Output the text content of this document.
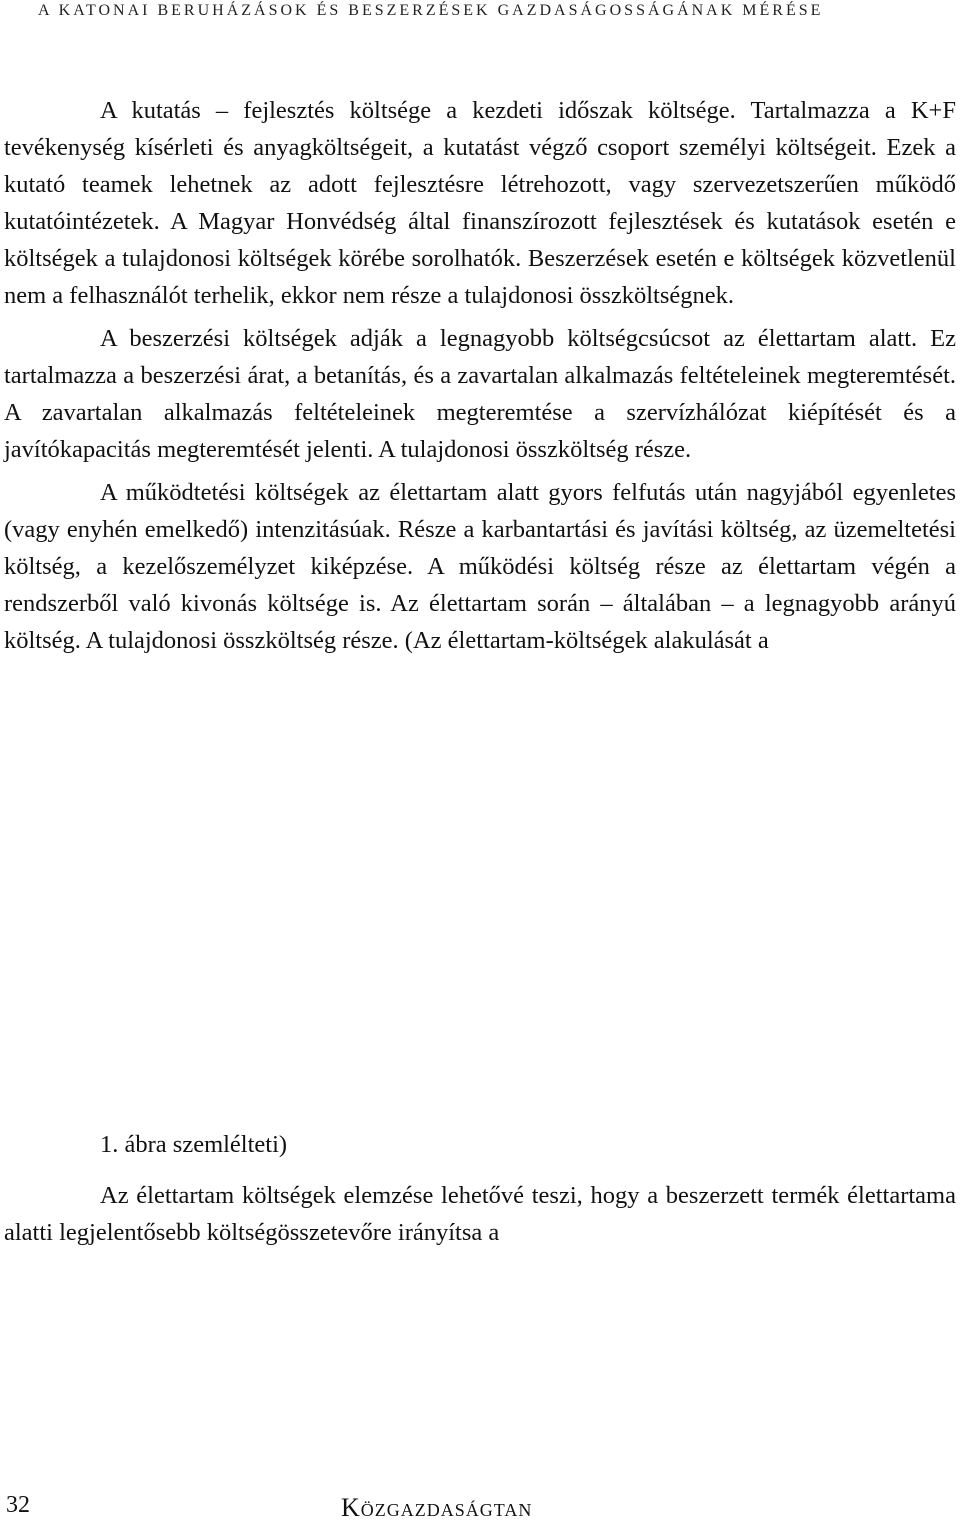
A KATONAI BERUHÁZÁSOK ÉS BESZERZÉSEK GAZDASÁGOSSÁGÁNAK MÉRÉSE

A kutatás – fejlesztés költsége a kezdeti időszak költsége. Tartalmazza a K+F tevékenység kísérleti és anyagköltségeit, a kutatást végző csoport személyi költségeit. Ezek a kutató teamek lehetnek az adott fejlesztésre létrehozott, vagy szervezetszerűen működő kutatóintézetek. A Magyar Honvédség által finanszírozott fejlesztések és kutatások esetén e költségek a tulajdonosi költségek körébe sorolhatók. Beszerzések esetén e költségek közvetlenül nem a felhasználót terhelik, ekkor nem része a tulajdonosi összköltségnek.

A beszerzési költségek adják a legnagyobb költségcsúcsot az élettartam alatt. Ez tartalmazza a beszerzési árat, a betanítás, és a zavartalan alkalmazás feltételeinek megteremtését. A zavartalan alkalmazás feltételeinek megteremtése a szervízhálózat kiépítését és a javítókapacitás megteremtését jelenti. A tulajdonosi összköltség része.

A működtetési költségek az élettartam alatt gyors felfutás után nagyjából egyenletes (vagy enyhén emelkedő) intenzitásúak. Része a karbantartási és javítási költség, az üzemeltetési költség, a kezelőszemélyzet kiképzése. A működési költség része az élettartam végén a rendszerből való kivonás költsége is. Az élettartam során – általában – a legnagyobb arányú költség. A tulajdonosi összköltség része. (Az élettartam-költségek alakulását a

1. ábra szemlélteti)

Az élettartam költségek elemzése lehetővé teszi, hogy a beszerzett termék élettartama alatti legjelentősebb költségösszetevőre irányítsa a

32	Közgazdaságtan
